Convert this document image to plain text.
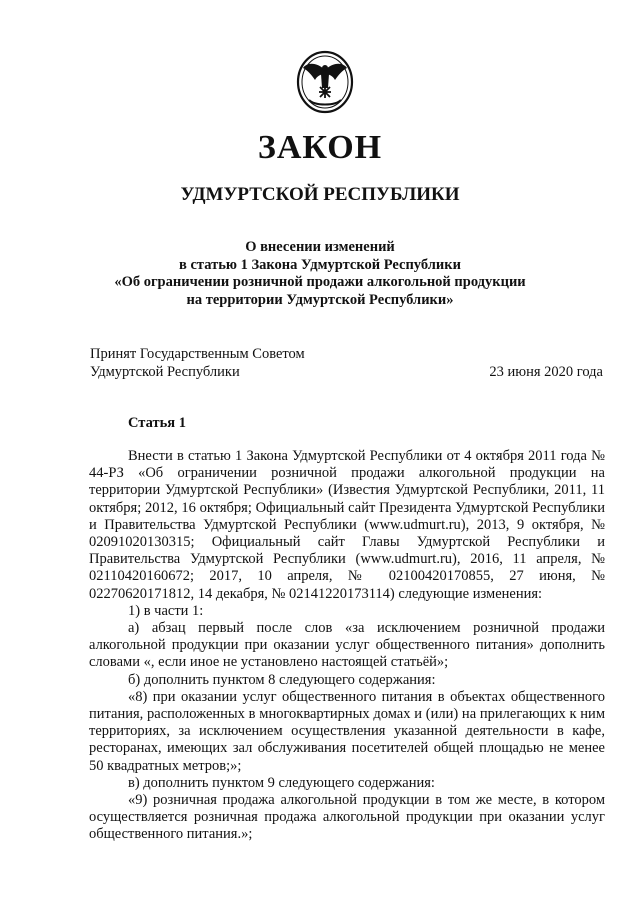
ЗАКОН
УДМУРТСКОЙ РЕСПУБЛИКИ
О внесении изменений
в статью 1 Закона Удмуртской Республики
«Об ограничении розничной продажи алкогольной продукции
на территории Удмуртской Республики»
Принят Государственным Советом
Удмуртской Республики	23 июня 2020 года
Статья 1

Внести в статью 1 Закона Удмуртской Республики от 4 октября 2011 года № 44-РЗ «Об ограничении розничной продажи алкогольной продукции на территории Удмуртской Республики» (Известия Удмуртской Республики, 2011, 11 октября; 2012, 16 октября; Официальный сайт Президента Удмуртской Республики и Правительства Удмуртской Республики (www.udmurt.ru), 2013, 9 октября, № 02091020130315; Официальный сайт Главы Удмуртской Республики и Правительства Удмуртской Республики (www.udmurt.ru), 2016, 11 апреля, № 02110420160672; 2017, 10 апреля, № 02100420170855, 27 июня, № 02270620171812, 14 декабря, № 02141220173114) следующие изменения:

1) в части 1:

а) абзац первый после слов «за исключением розничной продажи алкогольной продукции при оказании услуг общественного питания» дополнить словами «, если иное не установлено настоящей статьёй»;

б) дополнить пунктом 8 следующего содержания:

«8) при оказании услуг общественного питания в объектах общественного питания, расположенных в многоквартирных домах и (или) на прилегающих к ним территориях, за исключением осуществления указанной деятельности в кафе, ресторанах, имеющих зал обслуживания посетителей общей площадью не менее 50 квадратных метров;»;

в) дополнить пунктом 9 следующего содержания:

«9) розничная продажа алкогольной продукции в том же месте, в котором осуществляется розничная продажа алкогольной продукции при оказании услуг общественного питания.»;
